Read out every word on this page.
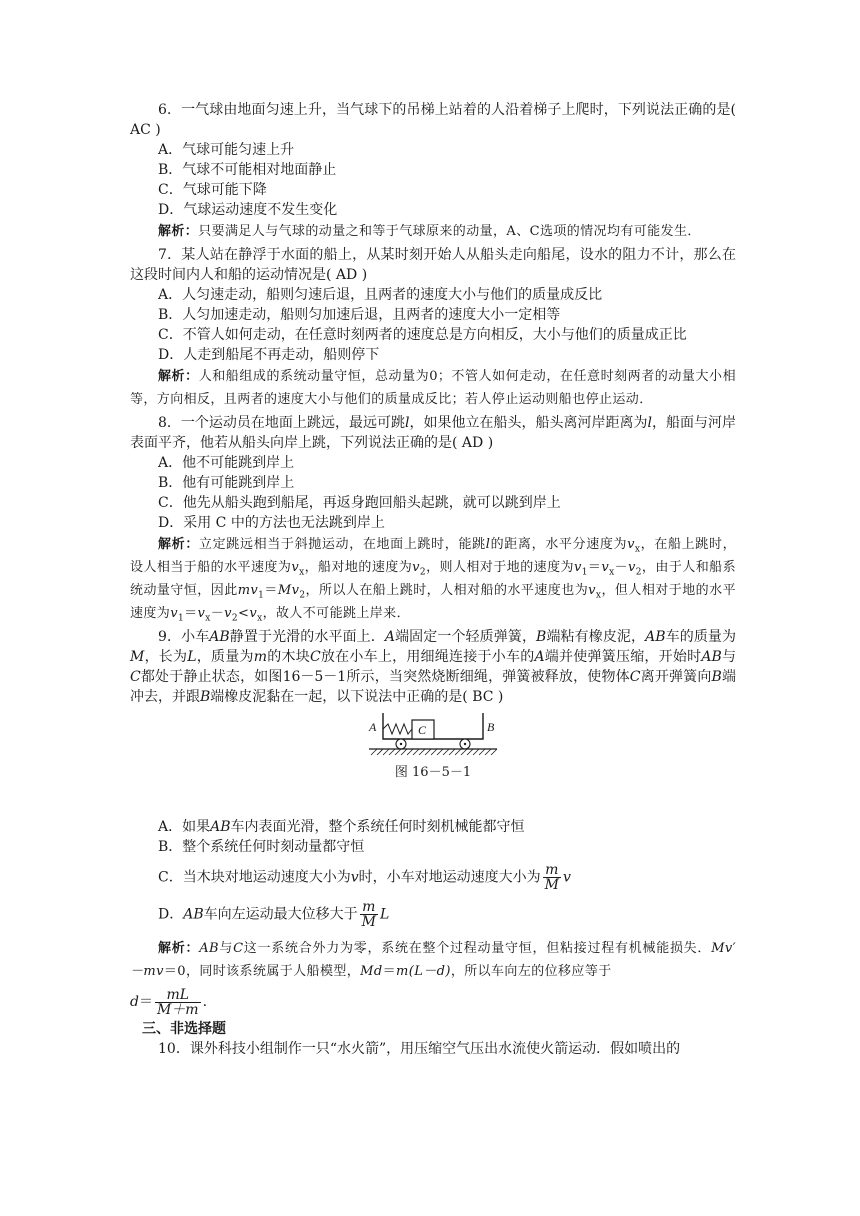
6．一气球由地面匀速上升，当气球下的吊梯上站着的人沿着梯子上爬时，下列说法正确的是( AC )

A．气球可能匀速上升

B．气球不可能相对地面静止

C．气球可能下降

D．气球运动速度不发生变化

解析：只要满足人与气球的动量之和等于气球原来的动量，A、C选项的情况均有可能发生．

7．某人站在静浮于水面的船上，从某时刻开始人从船头走向船尾，设水的阻力不计，那么在这段时间内人和船的运动情况是( AD )

A．人匀速走动，船则匀速后退，且两者的速度大小与他们的质量成反比

B．人匀加速走动，船则匀加速后退，且两者的速度大小一定相等

C．不管人如何走动，在任意时刻两者的速度总是方向相反，大小与他们的质量成正比

D．人走到船尾不再走动，船则停下

解析：人和船组成的系统动量守恒，总动量为0；不管人如何走动，在任意时刻两者的动量大小相等，方向相反，且两者的速度大小与他们的质量成反比；若人停止运动则船也停止运动．

8．一个运动员在地面上跳远，最远可跳l，如果他立在船头，船头离河岸距离为l，船面与河岸表面平齐，他若从船头向岸上跳，下列说法正确的是( AD )

A．他不可能跳到岸上

B．他有可能跳到岸上

C．他先从船头跑到船尾，再返身跑回船头起跳，就可以跳到岸上

D．采用 C 中的方法也无法跳到岸上

解析：立定跳远相当于斜抛运动，在地面上跳时，能跳l的距离，水平分速度为$v_x$，在船上跳时，设人相当于船的水平速度为$v_x$，船对地的速度为$v_2$，则人相对于地的速度为$v_1=v_x-v_2$，由于人和船系统动量守恒，因此$mv_1=Mv_2$，所以人在船上跳时，人相对船的水平速度也为$v_x$，但人相对于地的水平速度为$v_1=v_x-v_2<v_x$，故人不可能跳上岸来．

9．小车AB静置于光滑的水平面上．A端固定一个轻质弹簧，B端粘有橡皮泥，AB车的质量为M，长为L，质量为m的木块C放在小车上，用细绳连接于小车的A端并使弹簧压缩，开始时AB与C都处于静止状态，如图16－5－1所示，当突然烧断细绳，弹簧被释放，使物体C离开弹簧向B端冲去，并跟B端橡皮泥黏在一起，以下说法中正确的是( BC )

C
A	B
图 16－5－1

A．如果AB车内表面光滑，整个系统任何时刻机械能都守恒

B．整个系统任何时刻动量都守恒

C．当木块对地运动速度大小为v时，小车对地运动速度大小为 $\frac{m}{M}$ v

D．AB车向左运动最大位移大于 $\frac{m}{M}$ L

解析：AB与C这一系统合外力为零，系统在整个过程动量守恒，但粘接过程有机械能损失．Mv′ －mv＝0，同时该系统属于人船模型，Md＝m(L－d)，所以车向左的位移应等于

$d= \frac{mL}{M+m}$ .

三、非选择题

10．课外科技小组制作一只“水火箭”，用压缩空气压出水流使火箭运动．假如喷出的
